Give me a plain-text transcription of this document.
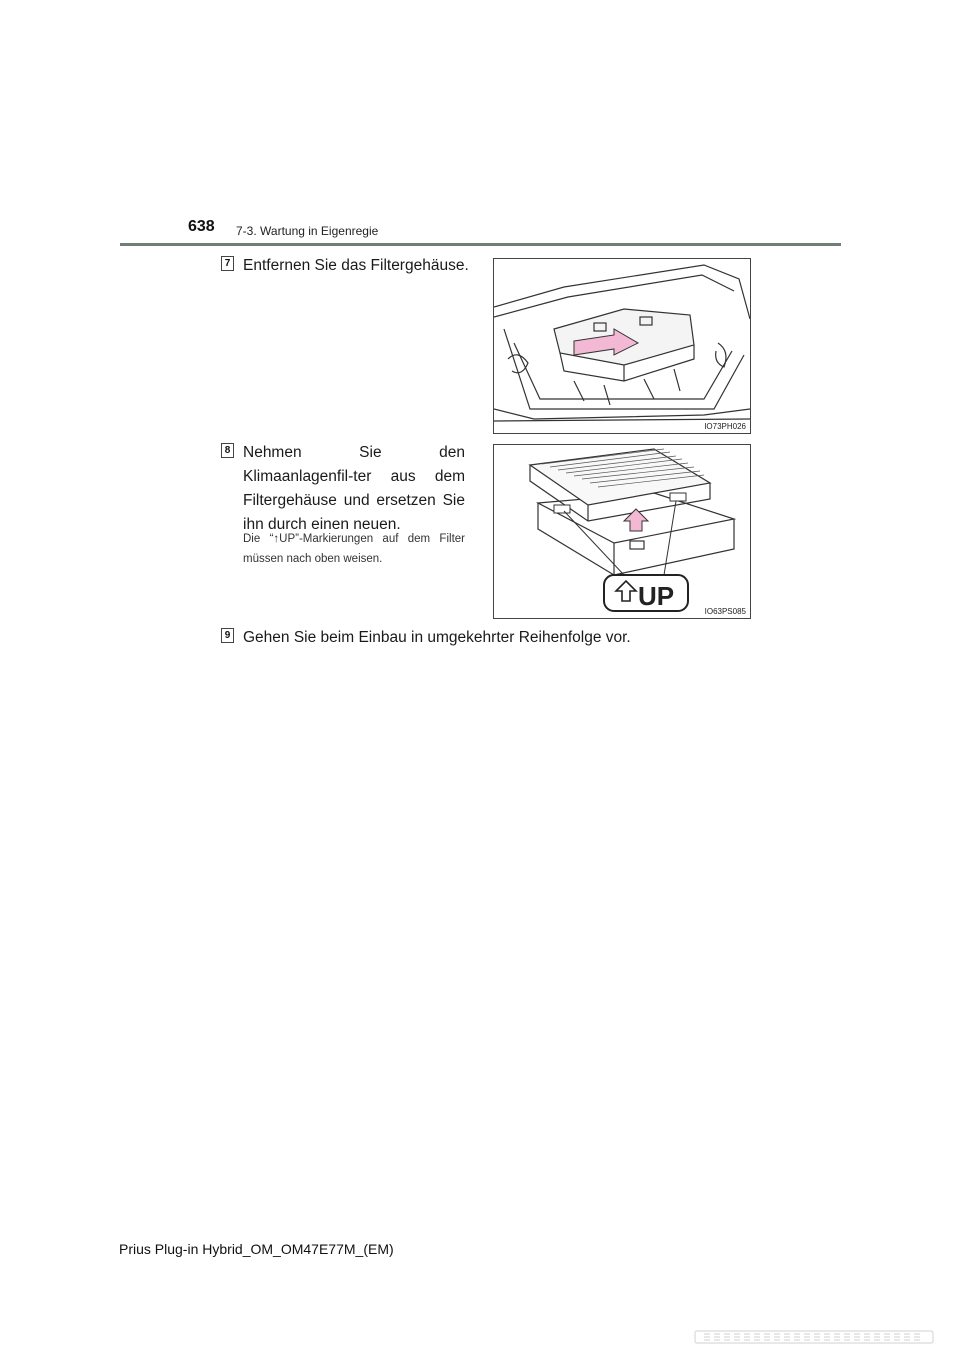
638 7-3. Wartung in Eigenregie
7 Entfernen Sie das Filtergehäuse.
IO73PH026
8 Nehmen Sie den Klimaanlagenfil-ter aus dem Filtergehäuse und ersetzen Sie ihn durch einen neuen.
Die “↑UP”-Markierungen auf dem Filter müssen nach oben weisen.
UP
IO63PS085
9 Gehen Sie beim Einbau in umgekehrter Reihenfolge vor.
Prius Plug-in Hybrid_OM_OM47E77M_(EM)
